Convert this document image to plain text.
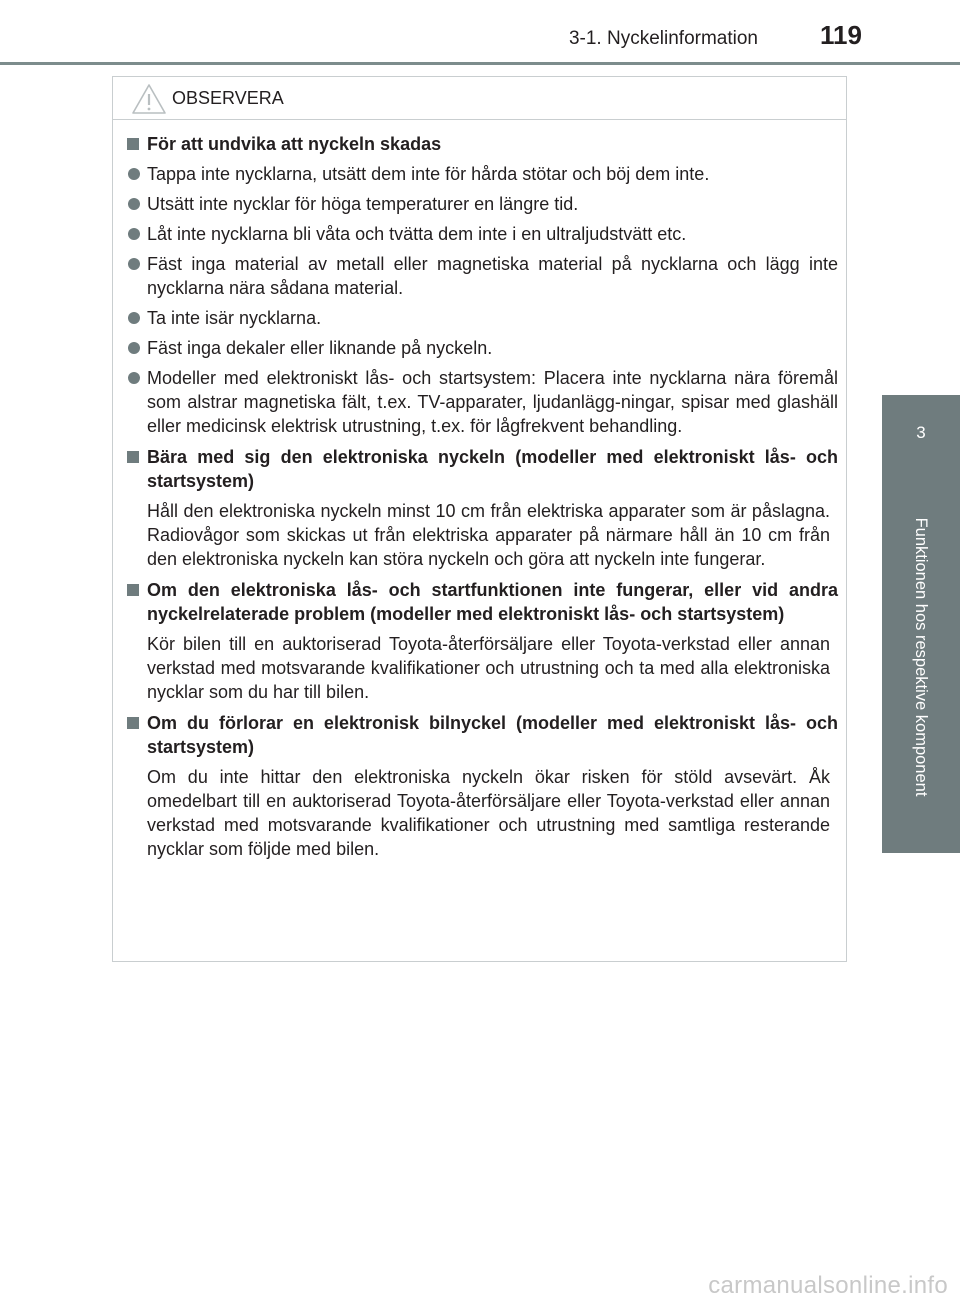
3-1. Nyckelinformation 119
3
Funktionen hos respektive komponent
OBSERVERA
För att undvika att nyckeln skadas
Tappa inte nycklarna, utsätt dem inte för hårda stötar och böj dem inte.
Utsätt inte nycklar för höga temperaturer en längre tid.
Låt inte nycklarna bli våta och tvätta dem inte i en ultraljudstvätt etc.
Fäst inga material av metall eller magnetiska material på nycklarna och lägg inte nycklarna nära sådana material.
Ta inte isär nycklarna.
Fäst inga dekaler eller liknande på nyckeln.
Modeller med elektroniskt lås- och startsystem: Placera inte nycklarna nära föremål som alstrar magnetiska fält, t.ex. TV-apparater, ljudanlägg-ningar, spisar med glashäll eller medicinsk elektrisk utrustning, t.ex. för lågfrekvent behandling.
Bära med sig den elektroniska nyckeln (modeller med elektroniskt lås- och startsystem)
Håll den elektroniska nyckeln minst 10 cm från elektriska apparater som är påslagna. Radiovågor som skickas ut från elektriska apparater på närmare håll än 10 cm från den elektroniska nyckeln kan störa nyckeln och göra att nyckeln inte fungerar.
Om den elektroniska lås- och startfunktionen inte fungerar, eller vid andra nyckelrelaterade problem (modeller med elektroniskt lås- och startsystem)
Kör bilen till en auktoriserad Toyota-återförsäljare eller Toyota-verkstad eller annan verkstad med motsvarande kvalifikationer och utrustning och ta med alla elektroniska nycklar som du har till bilen.
Om du förlorar en elektronisk bilnyckel (modeller med elektroniskt lås- och startsystem)
Om du inte hittar den elektroniska nyckeln ökar risken för stöld avsevärt. Åk omedelbart till en auktoriserad Toyota-återförsäljare eller Toyota-verkstad eller annan verkstad med motsvarande kvalifikationer och utrustning med samtliga resterande nycklar som följde med bilen.
carmanualsonline.info
